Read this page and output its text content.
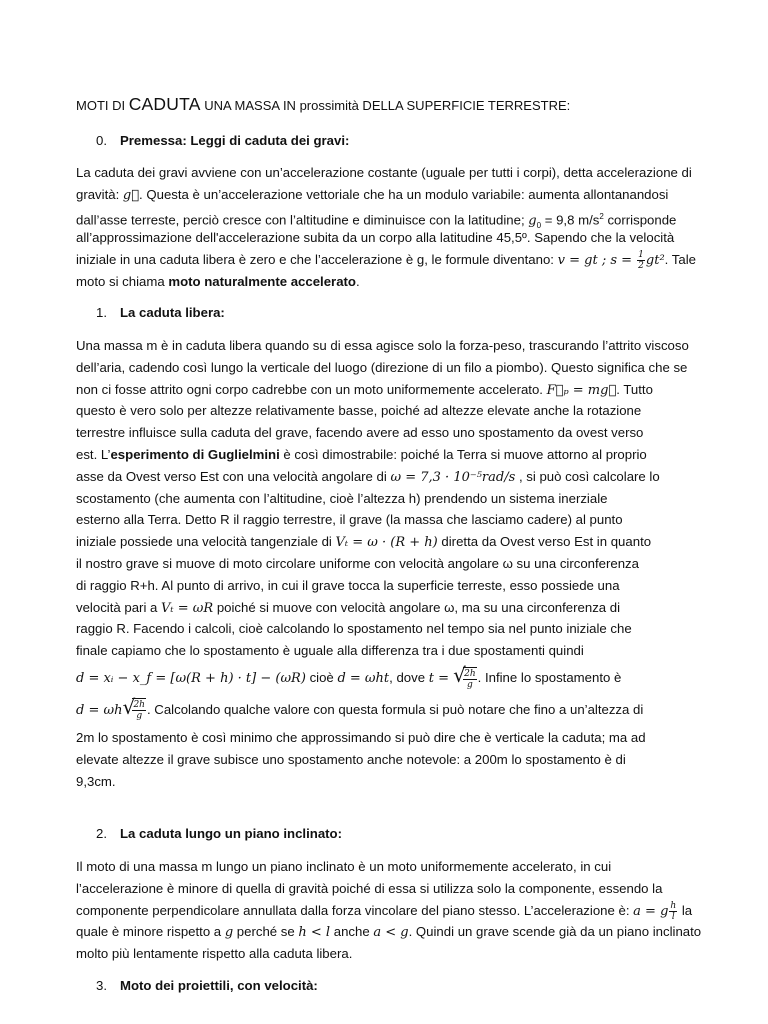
MOTI DI CADUTA UNA MASSA IN prossimità DELLA SUPERFICIE TERRESTRE:
0. Premessa: Leggi di caduta dei gravi:
La caduta dei gravi avviene con un’accelerazione costante (uguale per tutti i corpi), detta accelerazione di
gravità: g⃗. Questa è un’accelerazione vettoriale che ha un modulo variabile: aumenta allontanandosi
dall’asse terreste, perciò cresce con l’altitudine e diminuisce con la latitudine; $g_0 = 9,8$ $m/s^2$ corrisponde
all’approssimazione dell'accelerazione subita da un corpo alla latitudine 45,5º. Sapendo che la velocità
iniziale in una caduta libera è zero e che l’accelerazione è g, le formule diventano: v = gt ; $s = \frac{1}{2} gt^2$. Tale
moto si chiama moto naturalmente accelerato.
1. La caduta libera:
Una massa m è in caduta libera quando su di essa agisce solo la forza-peso, trascurando l’attrito viscoso
dell’aria, cadendo così lungo la verticale del luogo (direzione di un filo a piombo). Questo significa che se
non ci fosse attrito ogni corpo cadrebbe con un moto uniformemente accelerato. F⃗ₚ = mg⃗. Tutto
questo è vero solo per altezze relativamente basse, poiché ad altezze elevate anche la rotazione
terrestre influisce sulla caduta del grave, facendo avere ad esso uno spostamento da ovest verso
est. L’esperimento di Guglielmini è così dimostrabile: poiché la Terra si muove attorno al proprio
asse da Ovest verso Est con una velocità angolare di ω = 7,3 · 10⁻⁵rad/s , si può così calcolare lo
scostamento (che aumenta con l’altitudine, cioè l’altezza h) prendendo un sistema inerziale
esterno alla Terra. Detto R il raggio terrestre, il grave (la massa che lasciamo cadere) al punto
iniziale possiede una velocità tangenziale di Vₜ = ω · (R + h) diretta da Ovest verso Est in quanto
il nostro grave si muove di moto circolare uniforme con velocità angolare ω su una circonferenza
di raggio R+h. Al punto di arrivo, in cui il grave tocca la superficie terreste, esso possiede una
velocità pari a Vₜ = ωR poiché si muove con velocità angolare ω, ma su una circonferenza di
raggio R. Facendo i calcoli, cioè calcolando lo spostamento nel tempo sia nel punto iniziale che
finale capiamo che lo spostamento è uguale alla differenza tra i due spostamenti quindi
d = xᵢ − x_f = [ω(R + h) · t] − (ωR) cioè d = ωht, dove t = √
$\frac{2h}{g}$ . Infine lo spostamento è
d = ωh √
$\frac{2h}{g}$ . Calcolando qualche valore con questa formula si può notare che fino a un’altezza di
2m lo spostamento è così minimo che approssimando si può dire che è verticale la caduta; ma ad
elevate altezze il grave subisce uno spostamento anche notevole: a 200m lo spostamento è di
9,3cm.
2. La caduta lungo un piano inclinato:
Il moto di una massa m lungo un piano inclinato è un moto uniformemente accelerato, in cui
l’accelerazione è minore di quella di gravità poiché di essa si utilizza solo la componente, essendo la
componente perpendicolare annullata dalla forza vincolare del piano stesso. L’accelerazione è: a = g $\frac{h}{l}$ la
quale è minore rispetto a g perché se h < l anche a < g. Quindi un grave scende già da un piano inclinato
molto più lentamente rispetto alla caduta libera.
3. Moto dei proiettili, con velocità:
